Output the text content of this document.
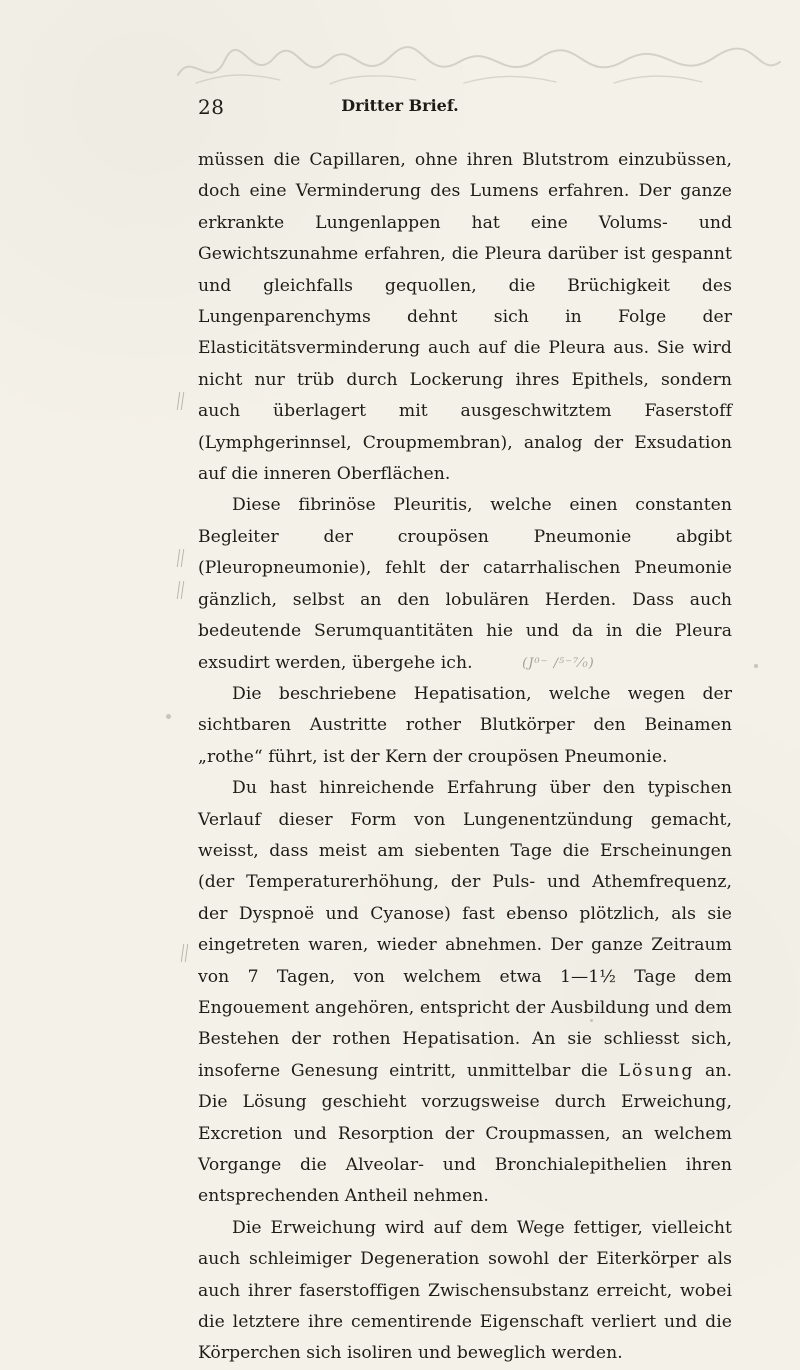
28	Dritter Brief.

müssen die Capillaren, ohne ihren Blutstrom einzubüssen, doch eine Verminderung des Lumens erfahren. Der ganze erkrankte Lungenlappen hat eine Volums- und Gewichtszunahme erfahren, die Pleura darüber ist gespannt und gleichfalls gequollen, die Brüchigkeit des Lungenparenchyms dehnt sich in Folge der Elasticitätsverminderung auch auf die Pleura aus. Sie wird nicht nur trüb durch Lockerung ihres Epithels, sondern auch überlagert mit ausgeschwitztem Faserstoff (Lymphgerinnsel, Croupmembran), analog der Exsudation auf die inneren Oberflächen.

Diese fibrinöse Pleuritis, welche einen constanten Begleiter der croupösen Pneumonie abgibt (Pleuropneumonie), fehlt der catarrhalischen Pneumonie gänzlich, selbst an den lobulären Herden. Dass auch bedeutende Serumquantitäten hie und da in die Pleura exsudirt werden, übergehe ich.	(J⁰⁻ /⁵⁻⁷⁄₀)

Die beschriebene Hepatisation, welche wegen der sichtbaren Austritte rother Blutkörper den Beinamen „rothe“ führt, ist der Kern der croupösen Pneumonie.

Du hast hinreichende Erfahrung über den typischen Verlauf dieser Form von Lungenentzündung gemacht, weisst, dass meist am siebenten Tage die Erscheinungen (der Temperaturerhöhung, der Puls- und Athemfrequenz, der Dyspnoë und Cyanose) fast ebenso plötzlich, als sie eingetreten waren, wieder abnehmen. Der ganze Zeitraum von 7 Tagen, von welchem etwa 1—1½ Tage dem Engouement angehören, entspricht der Ausbildung und dem Bestehen der rothen Hepatisation. An sie schliesst sich, insoferne Genesung eintritt, unmittelbar die Lösung an. Die Lösung geschieht vorzugsweise durch Erweichung, Excretion und Resorption der Croupmassen, an welchem Vorgange die Alveolar- und Bronchialepithelien ihren entsprechenden Antheil nehmen.

Die Erweichung wird auf dem Wege fettiger, vielleicht auch schleimiger Degeneration sowohl der Eiterkörper als auch ihrer faserstoffigen Zwischensubstanz erreicht, wobei die letztere ihre cementirende Eigenschaft verliert und die Körperchen sich isoliren und beweglich werden.
